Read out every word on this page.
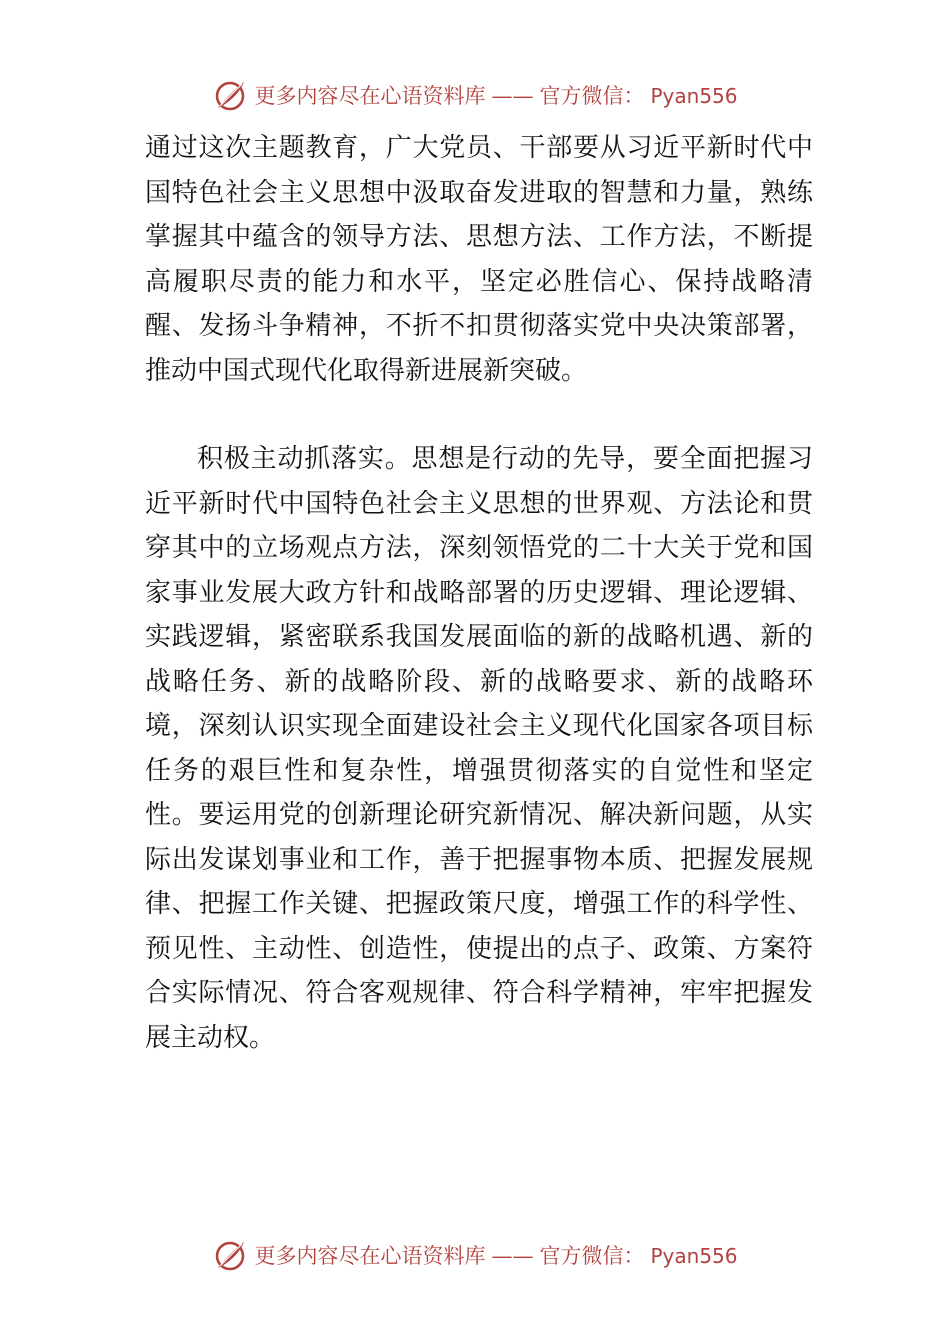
更多内容尽在心语资料库 —— 官方微信： Pyan556

通过这次主题教育，广大党员、干部要从习近平新时代中国特色社会主义思想中汲取奋发进取的智慧和力量，熟练掌握其中蕴含的领导方法、思想方法、工作方法，不断提高履职尽责的能力和水平，坚定必胜信心、保持战略清醒、发扬斗争精神，不折不扣贯彻落实党中央决策部署，推动中国式现代化取得新进展新突破。

积极主动抓落实。思想是行动的先导，要全面把握习近平新时代中国特色社会主义思想的世界观、方法论和贯穿其中的立场观点方法，深刻领悟党的二十大关于党和国家事业发展大政方针和战略部署的历史逻辑、理论逻辑、实践逻辑，紧密联系我国发展面临的新的战略机遇、新的战略任务、新的战略阶段、新的战略要求、新的战略环境，深刻认识实现全面建设社会主义现代化国家各项目标任务的艰巨性和复杂性，增强贯彻落实的自觉性和坚定性。要运用党的创新理论研究新情况、解决新问题，从实际出发谋划事业和工作，善于把握事物本质、把握发展规律、把握工作关键、把握政策尺度，增强工作的科学性、预见性、主动性、创造性，使提出的点子、政策、方案符合实际情况、符合客观规律、符合科学精神，牢牢把握发展主动权。

更多内容尽在心语资料库 —— 官方微信： Pyan556
